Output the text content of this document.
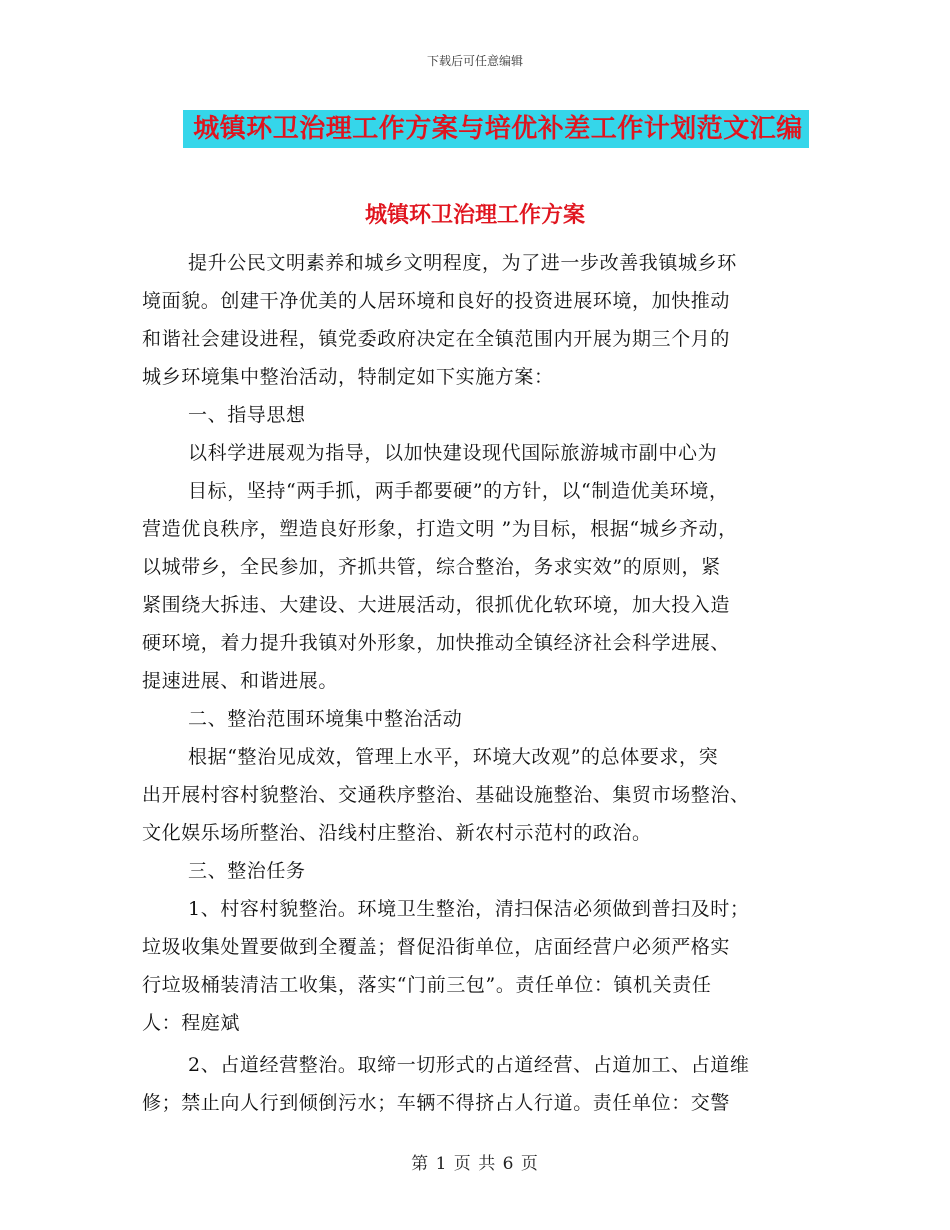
下载后可任意编辑
城镇环卫治理工作方案与培优补差工作计划范文汇编
城镇环卫治理工作方案
提升公民文明素养和城乡文明程度，为了进一步改善我镇城乡环
境面貌。创建干净优美的人居环境和良好的投资进展环境，加快推动
和谐社会建设进程，镇党委政府决定在全镇范围内开展为期三个月的
城乡环境集中整治活动，特制定如下实施方案：
一、指导思想
以科学进展观为指导，以加快建设现代国际旅游城市副中心为
目标，坚持“两手抓，两手都要硬”的方针，以“制造优美环境，
营造优良秩序，塑造良好形象，打造文明 ”为目标，根据“城乡齐动，
以城带乡，全民参加，齐抓共管，综合整治，务求实效”的原则，紧
紧围绕大拆违、大建设、大进展活动，很抓优化软环境，加大投入造
硬环境，着力提升我镇对外形象，加快推动全镇经济社会科学进展、
提速进展、和谐进展。
二、整治范围环境集中整治活动
根据“整治见成效，管理上水平，环境大改观”的总体要求，突
出开展村容村貌整治、交通秩序整治、基础设施整治、集贸市场整治、
文化娱乐场所整治、沿线村庄整治、新农村示范村的政治。
三、整治任务
1、村容村貌整治。环境卫生整治，清扫保洁必须做到普扫及时；
垃圾收集处置要做到全覆盖；督促沿街单位，店面经营户必须严格实
行垃圾桶装清洁工收集，落实“门前三包”。责任单位：镇机关责任
人：程庭斌
2、占道经营整治。取缔一切形式的占道经营、占道加工、占道维
修；禁止向人行到倾倒污水；车辆不得挤占人行道。责任单位：交警
第 1 页 共 6 页
